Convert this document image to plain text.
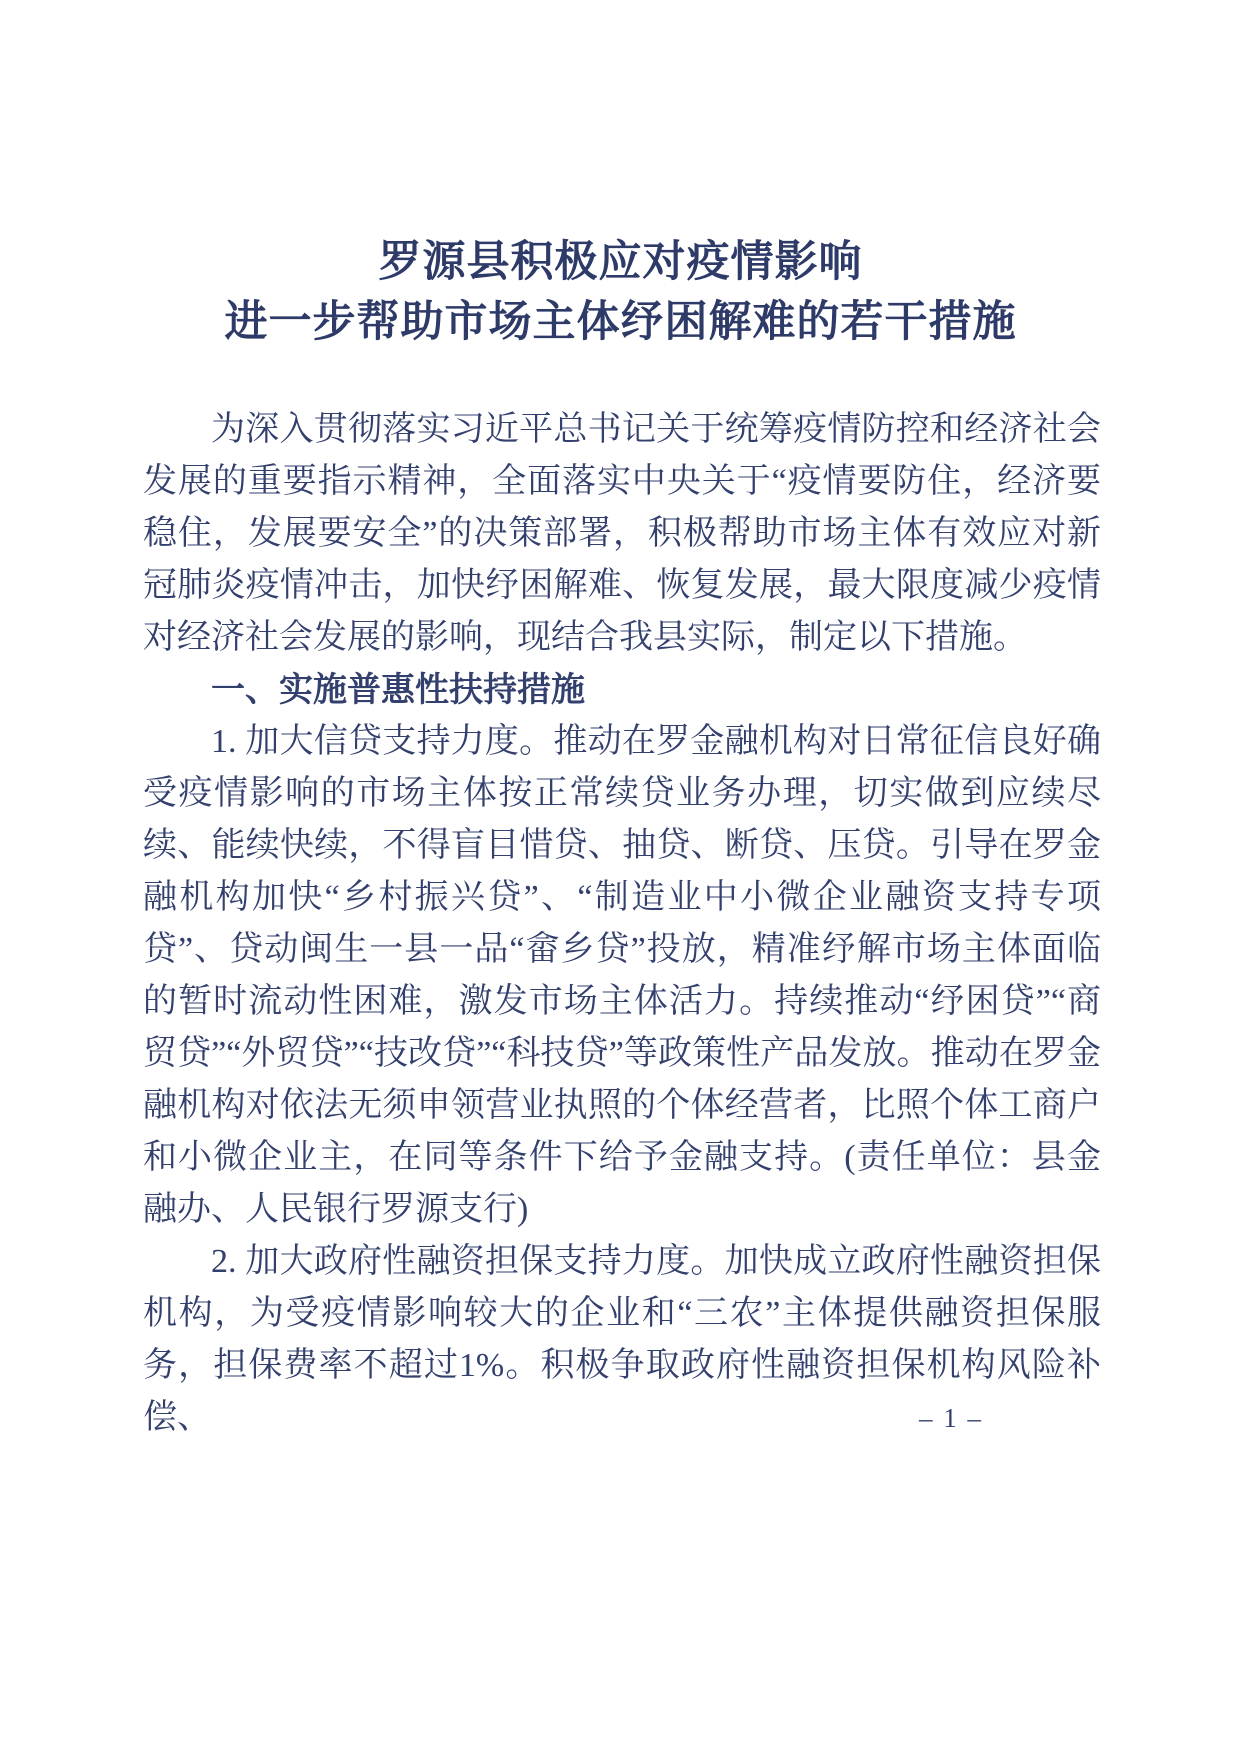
罗源县积极应对疫情影响
进一步帮助市场主体纾困解难的若干措施

为深入贯彻落实习近平总书记关于统筹疫情防控和经济社会发展的重要指示精神，全面落实中央关于“疫情要防住，经济要稳住，发展要安全”的决策部署，积极帮助市场主体有效应对新冠肺炎疫情冲击，加快纾困解难、恢复发展，最大限度减少疫情对经济社会发展的影响，现结合我县实际，制定以下措施。

一、实施普惠性扶持措施

1. 加大信贷支持力度。推动在罗金融机构对日常征信良好确受疫情影响的市场主体按正常续贷业务办理，切实做到应续尽续、能续快续，不得盲目惜贷、抽贷、断贷、压贷。引导在罗金融机构加快“乡村振兴贷”、“制造业中小微企业融资支持专项贷”、贷动闽生一县一品“畲乡贷”投放，精准纾解市场主体面临的暂时流动性困难，激发市场主体活力。持续推动“纾困贷”“商贸贷”“外贸贷”“技改贷”“科技贷”等政策性产品发放。推动在罗金融机构对依法无须申领营业执照的个体经营者，比照个体工商户和小微企业主，在同等条件下给予金融支持。(责任单位：县金融办、人民银行罗源支行)

2. 加大政府性融资担保支持力度。加快成立政府性融资担保机构，为受疫情影响较大的企业和“三农”主体提供融资担保服务，担保费率不超过1%。积极争取政府性融资担保机构风险补偿、	– 1 –
